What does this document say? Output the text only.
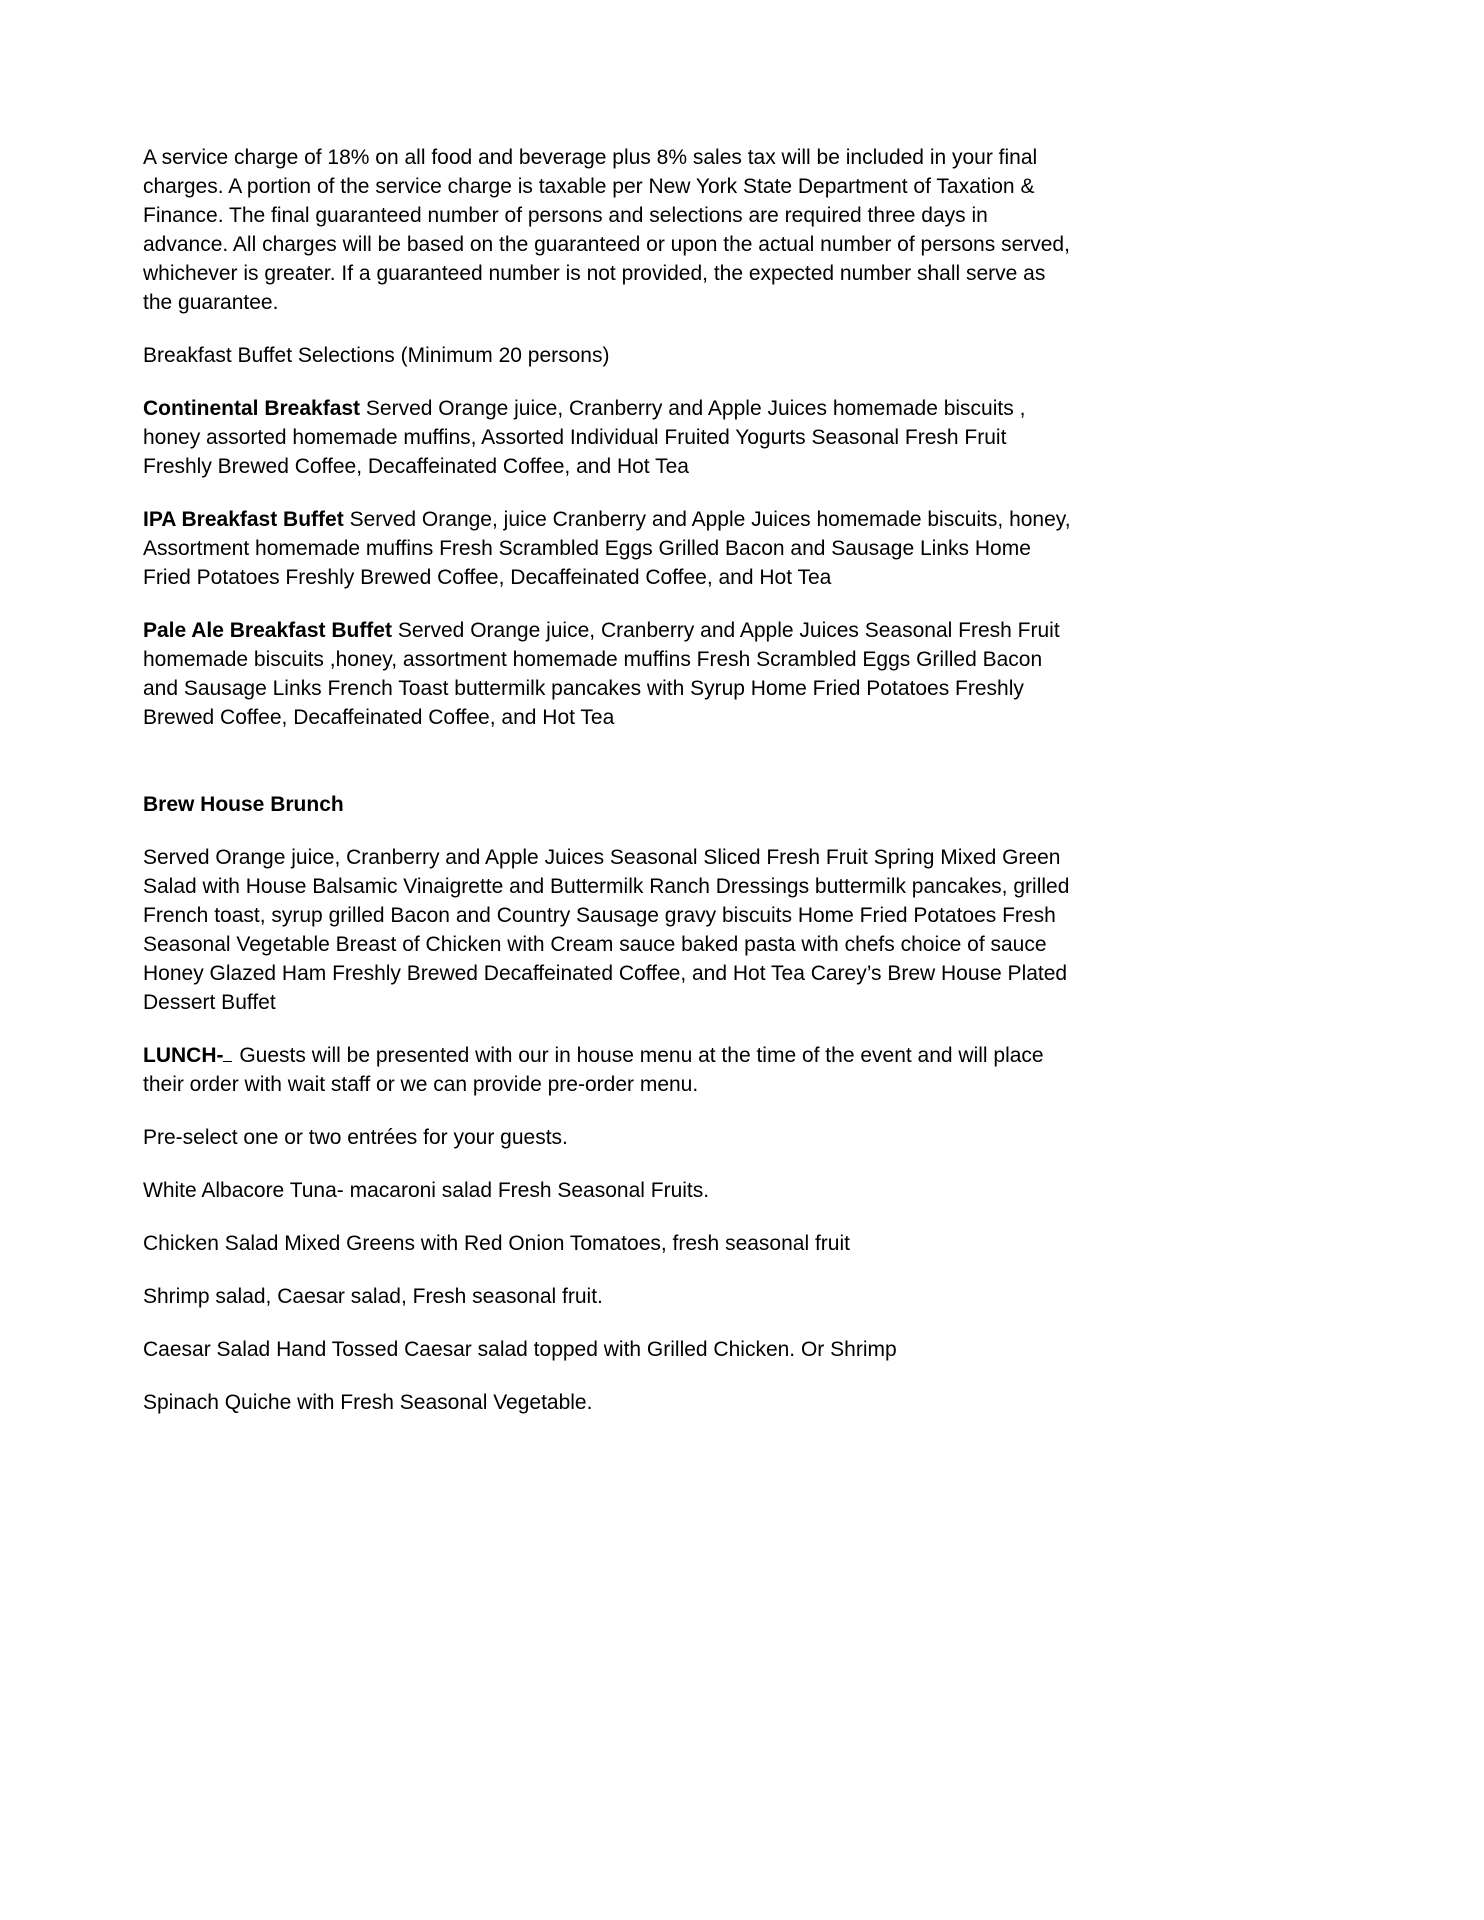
A service charge of 18% on all food and beverage plus 8% sales tax will be included in your final charges. A portion of the service charge is taxable per New York State Department of Taxation & Finance. The final guaranteed number of persons and selections are required three days in advance. All charges will be based on the guaranteed or upon the actual number of persons served, whichever is greater. If a guaranteed number is not provided, the expected number shall serve as the guarantee.

Breakfast Buffet Selections (Minimum 20 persons)

Continental Breakfast Served Orange juice, Cranberry and Apple Juices homemade biscuits , honey assorted homemade muffins, Assorted Individual Fruited Yogurts Seasonal Fresh Fruit Freshly Brewed Coffee, Decaffeinated Coffee, and Hot Tea

IPA Breakfast Buffet Served Orange, juice Cranberry and Apple Juices homemade biscuits, honey, Assortment homemade muffins Fresh Scrambled Eggs Grilled Bacon and Sausage Links Home Fried Potatoes Freshly Brewed Coffee, Decaffeinated Coffee, and Hot Tea

Pale Ale Breakfast Buffet Served Orange juice, Cranberry and Apple Juices Seasonal Fresh Fruit homemade biscuits ,honey, assortment homemade muffins Fresh Scrambled Eggs Grilled Bacon and Sausage Links French Toast buttermilk pancakes with Syrup Home Fried Potatoes Freshly Brewed Coffee, Decaffeinated Coffee, and Hot Tea

Brew House Brunch

Served Orange juice, Cranberry and Apple Juices Seasonal Sliced Fresh Fruit Spring Mixed Green Salad with House Balsamic Vinaigrette and Buttermilk Ranch Dressings buttermilk pancakes, grilled French toast, syrup grilled Bacon and Country Sausage gravy biscuits Home Fried Potatoes Fresh Seasonal Vegetable Breast of Chicken with Cream sauce baked pasta with chefs choice of sauce Honey Glazed Ham Freshly Brewed Decaffeinated Coffee, and Hot Tea Carey’s Brew House Plated Dessert Buffet

LUNCH- Guests will be presented with our in house menu at the time of the event and will place their order with wait staff or we can provide pre-order menu.

Pre-select one or two entrées for your guests.

White Albacore Tuna- macaroni salad Fresh Seasonal Fruits.

Chicken Salad Mixed Greens with Red Onion Tomatoes, fresh seasonal fruit

Shrimp salad, Caesar salad, Fresh seasonal fruit.

Caesar Salad Hand Tossed Caesar salad topped with Grilled Chicken. Or Shrimp

Spinach Quiche with Fresh Seasonal Vegetable.
